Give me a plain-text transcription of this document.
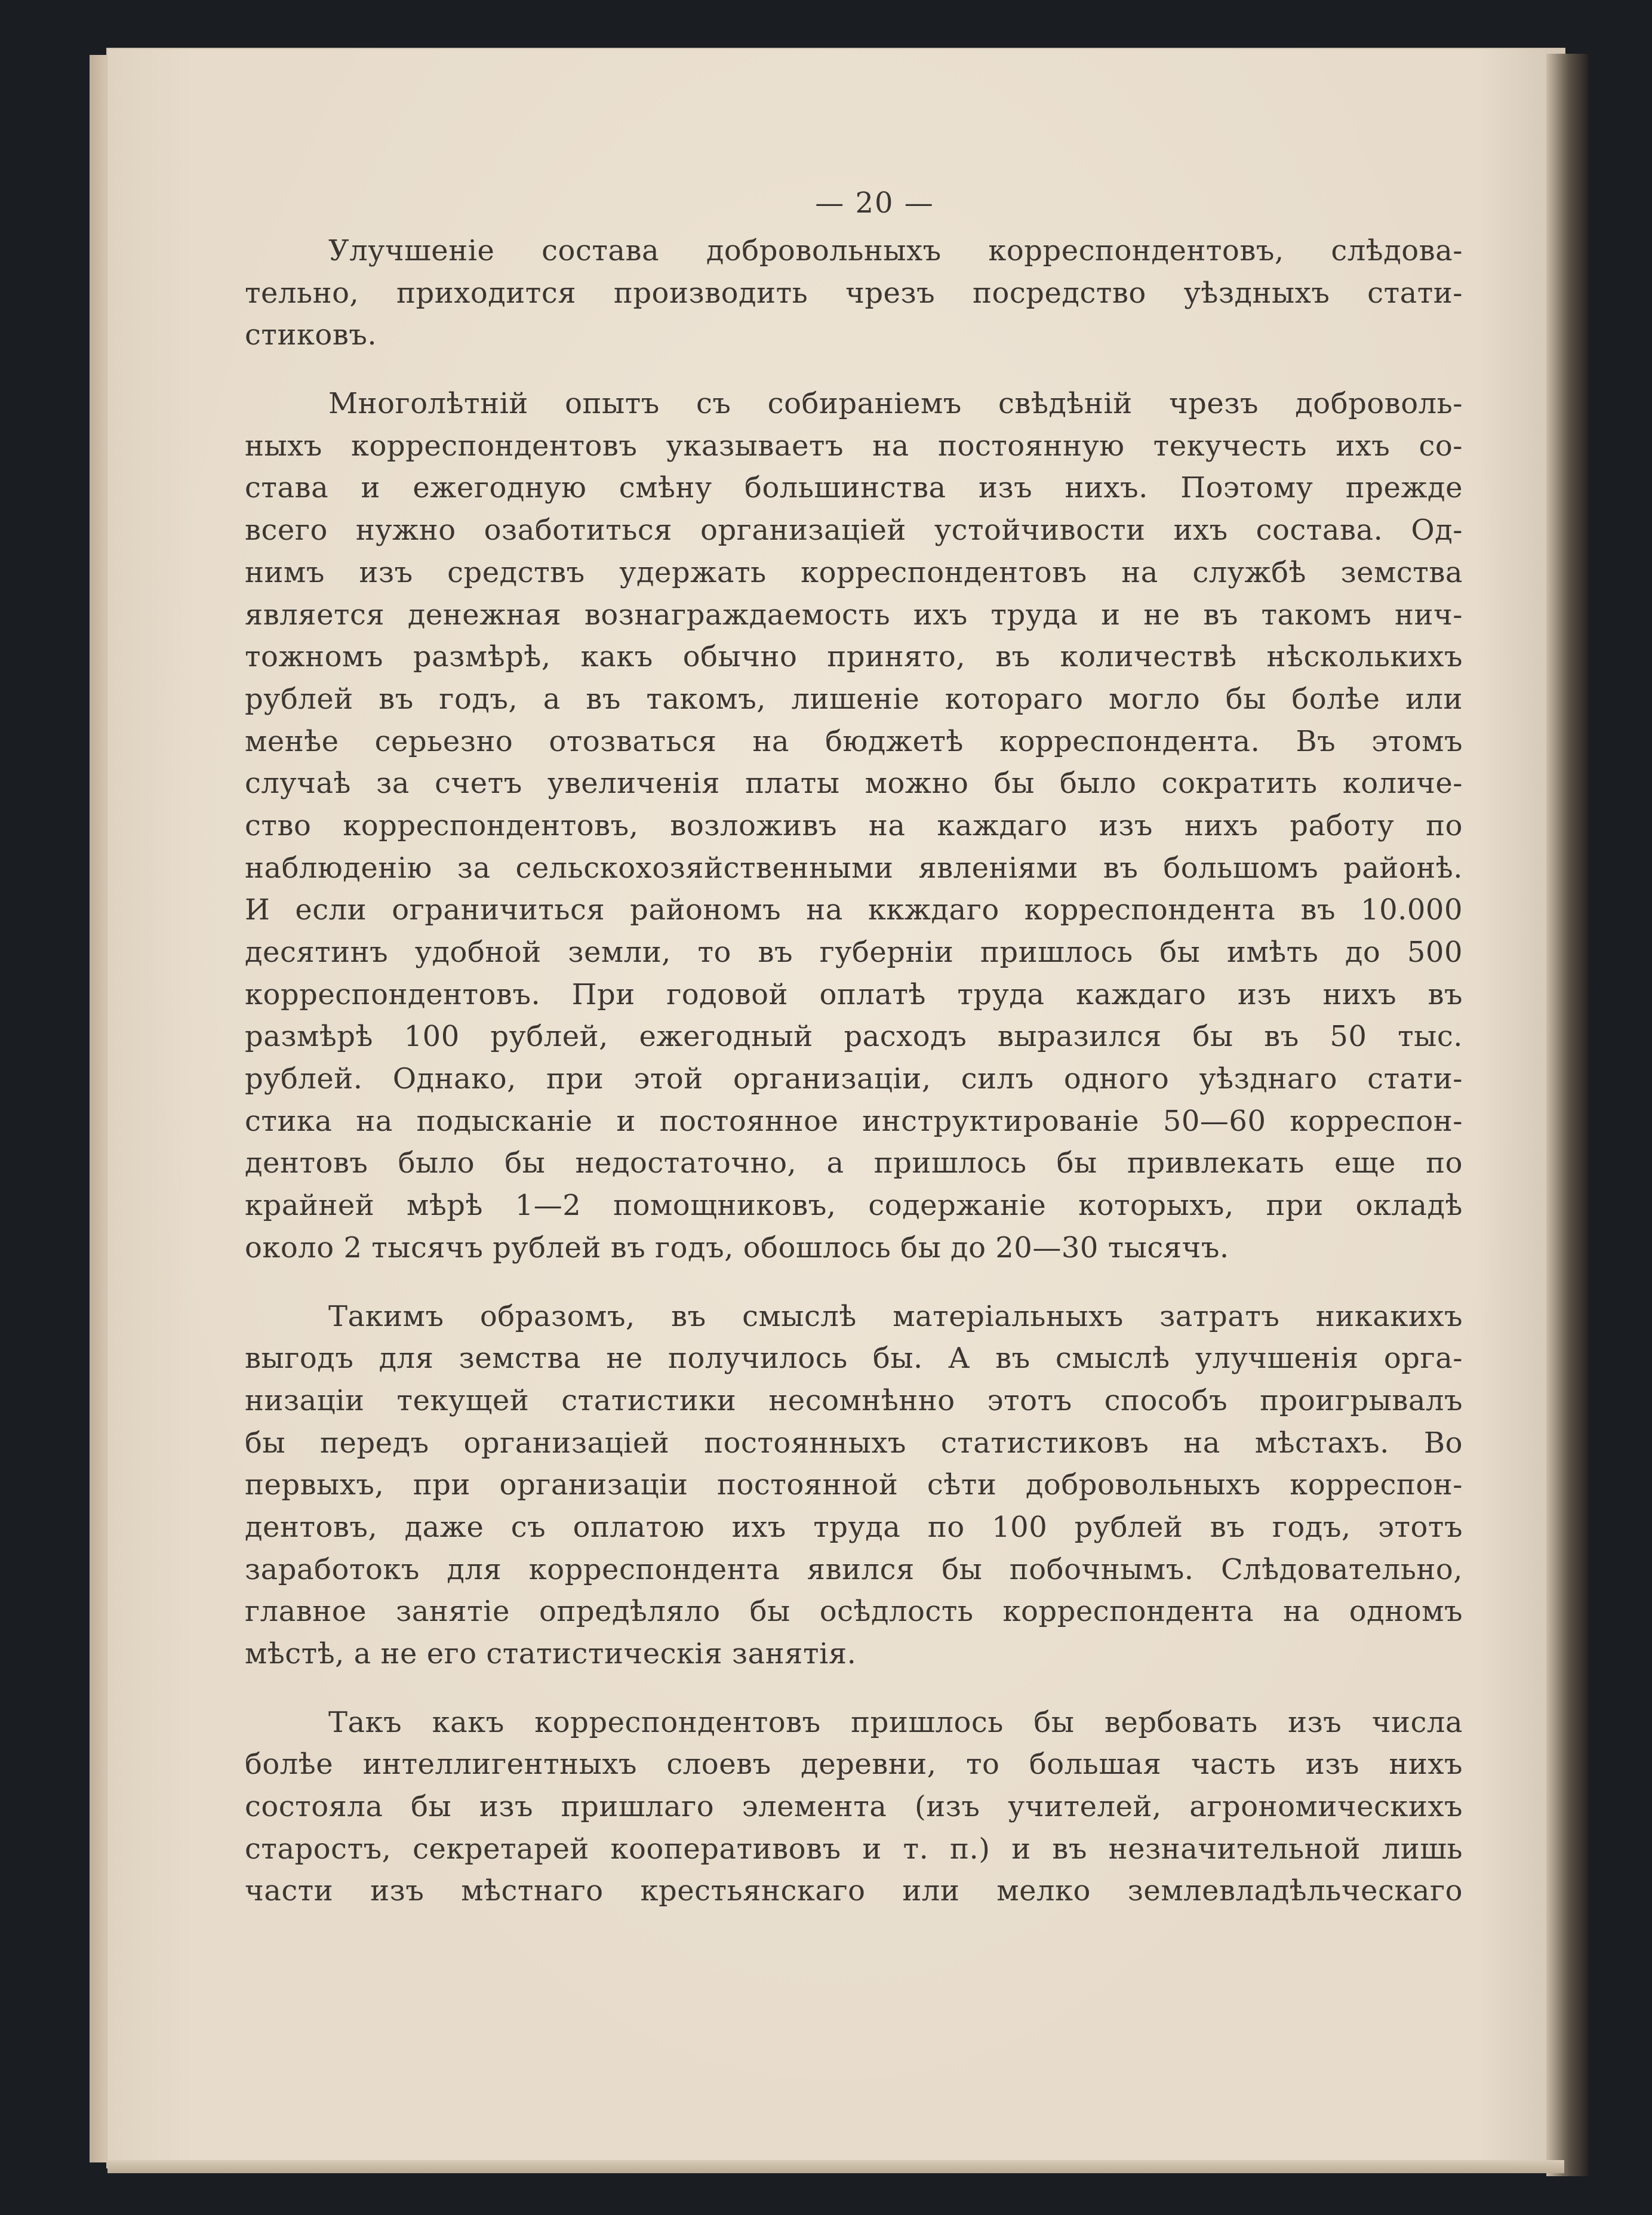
— 20 —
Улучшеніе состава добровольныхъ корреспондентовъ, слѣдова-
тельно, приходится производить чрезъ посредство уѣздныхъ стати-
стиковъ.
Многолѣтній опытъ съ собираніемъ свѣдѣній чрезъ доброволь-
ныхъ корреспондентовъ указываетъ на постоянную текучесть ихъ со-
става и ежегодную смѣну большинства изъ нихъ. Поэтому прежде
всего нужно озаботиться организаціей устойчивости ихъ состава. Од-
нимъ изъ средствъ удержать корреспондентовъ на службѣ земства
является денежная вознаграждаемость ихъ труда и не въ такомъ нич-
тожномъ размѣрѣ, какъ обычно принято, въ количествѣ нѣсколькихъ
рублей въ годъ, а въ такомъ, лишеніе котораго могло бы болѣе или
менѣе серьезно отозваться на бюджетѣ корреспондента. Въ этомъ
случаѣ за счетъ увеличенія платы можно бы было сократить количе-
ство корреспондентовъ, возложивъ на каждаго изъ нихъ работу по
наблюденію за сельскохозяйственными явленіями въ большомъ районѣ.
И если ограничиться райономъ на ккждаго корреспондента въ 10.000
десятинъ удобной земли, то въ губерніи пришлось бы имѣть до 500
корреспондентовъ. При годовой оплатѣ труда каждаго изъ нихъ въ
размѣрѣ 100 рублей, ежегодный расходъ выразился бы въ 50 тыс.
рублей. Однако, при этой организаціи, силъ одного уѣзднаго стати-
стика на подысканіе и постоянное инструктированіе 50—60 корреспон-
дентовъ было бы недостаточно, а пришлось бы привлекать еще по
крайней мѣрѣ 1—2 помощниковъ, содержаніе которыхъ, при окладѣ
около 2 тысячъ рублей въ годъ, обошлось бы до 20—30 тысячъ.
Такимъ образомъ, въ смыслѣ матеріальныхъ затратъ никакихъ
выгодъ для земства не получилось бы. А въ смыслѣ улучшенія орга-
низаціи текущей статистики несомнѣнно этотъ способъ проигрывалъ
бы передъ организаціей постоянныхъ статистиковъ на мѣстахъ. Во
первыхъ, при организаціи постоянной сѣти добровольныхъ корреспон-
дентовъ, даже съ оплатою ихъ труда по 100 рублей въ годъ, этотъ
заработокъ для корреспондента явился бы побочнымъ. Слѣдовательно,
главное занятіе опредѣляло бы осѣдлость корреспондента на одномъ
мѣстѣ, а не его статистическія занятія.
Такъ какъ корреспондентовъ пришлось бы вербовать изъ числа
болѣе интеллигентныхъ слоевъ деревни, то большая часть изъ нихъ
состояла бы изъ пришлаго элемента (изъ учителей, агрономическихъ
старостъ, секретарей кооперативовъ и т. п.) и въ незначительной лишь
части изъ мѣстнаго крестьянскаго или мелко землевладѣльческаго
